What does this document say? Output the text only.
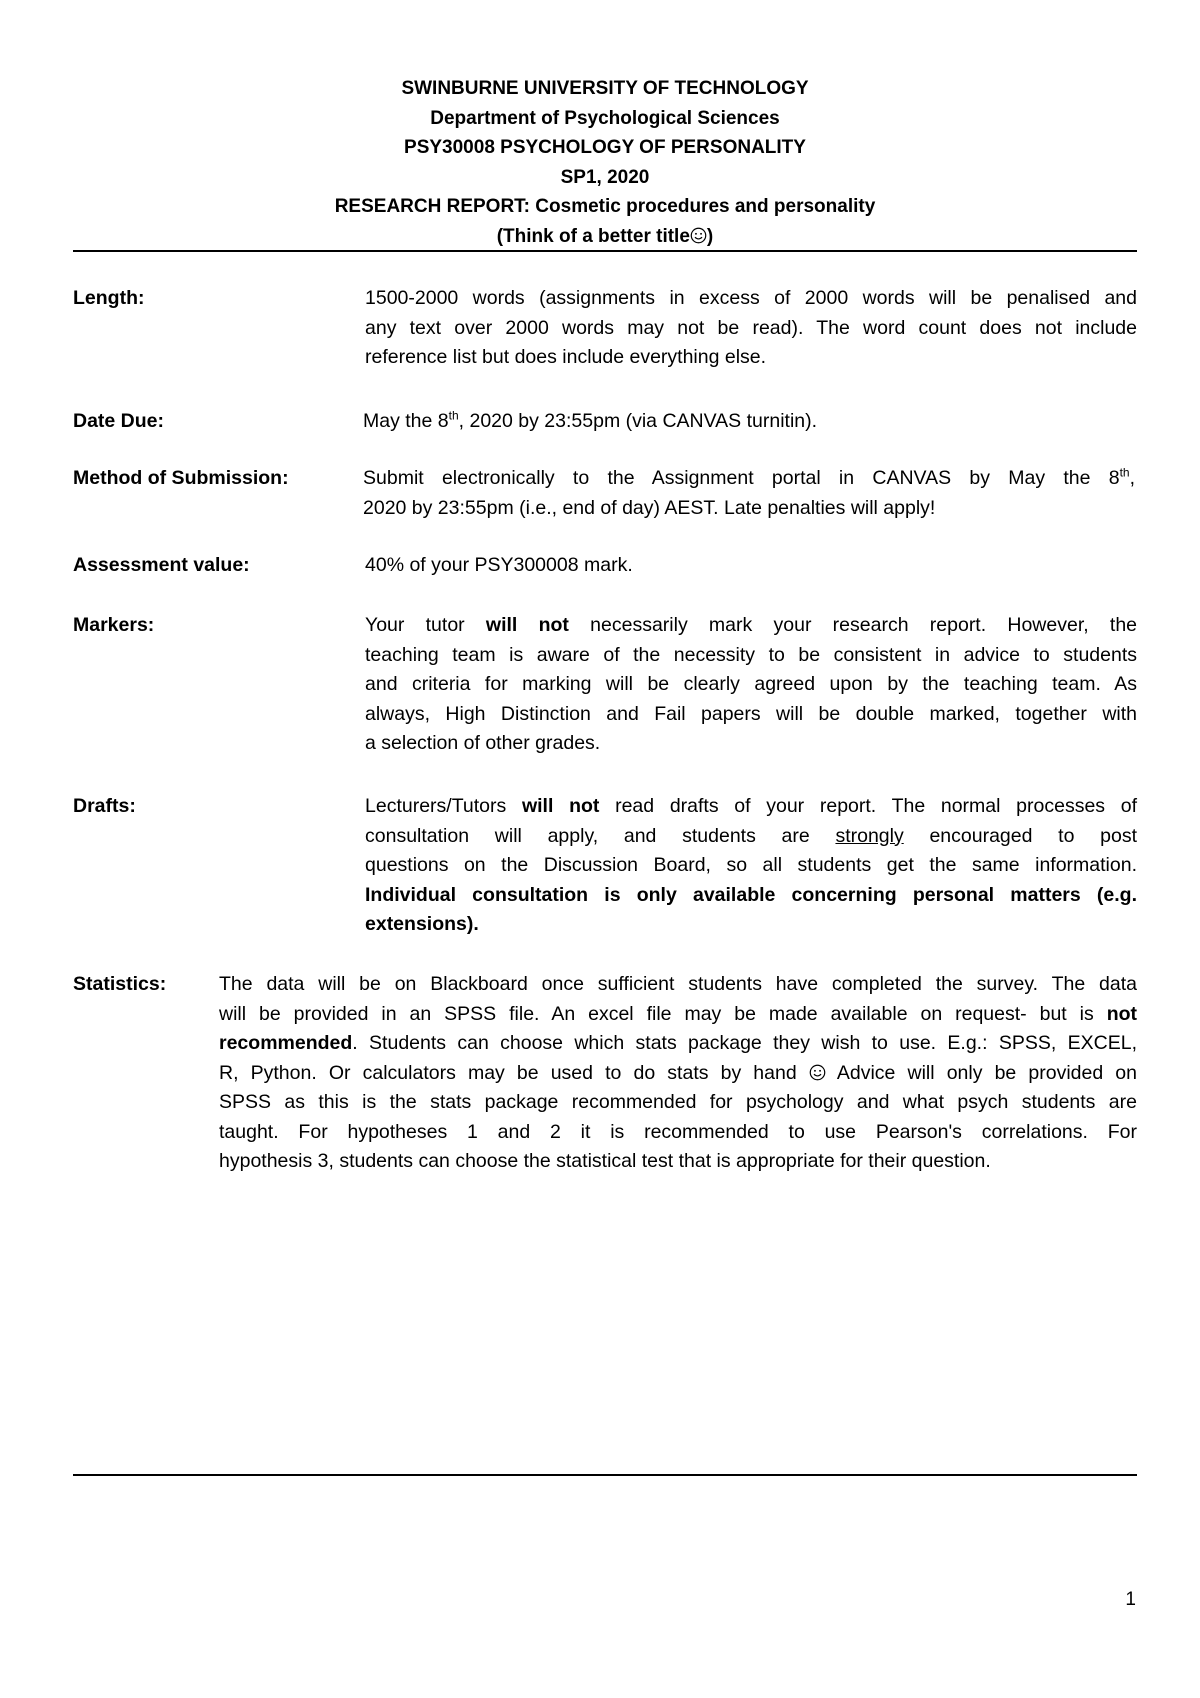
SWINBURNE UNIVERSITY OF TECHNOLOGY
Department of Psychological Sciences
PSY30008 PSYCHOLOGY OF PERSONALITY
SP1, 2020
RESEARCH REPORT: Cosmetic procedures and personality
(Think of a better title )
Length:	1500-2000 words (assignments in excess of 2000 words will be penalised and
any text over 2000 words may not be read). The word count does not include
reference list but does include everything else.
Date Due:	May the 8th, 2020 by 23:55pm (via CANVAS turnitin).
Method of Submission:	Submit electronically to the Assignment portal in CANVAS by May the 8th,
2020 by 23:55pm (i.e., end of day) AEST. Late penalties will apply!
Assessment value:	40% of your PSY300008 mark.
Markers:	Your tutor will not necessarily mark your research report. However, the
teaching team is aware of the necessity to be consistent in advice to students
and criteria for marking will be clearly agreed upon by the teaching team. As
always, High Distinction and Fail papers will be double marked, together with
a selection of other grades.
Drafts:	Lecturers/Tutors will not read drafts of your report. The normal processes of
consultation will apply, and students are strongly encouraged to post
questions on the Discussion Board, so all students get the same information.
Individual consultation is only available concerning personal matters (e.g.
extensions).
Statistics:	The data will be on Blackboard once sufficient students have completed the survey. The data
will be provided in an SPSS file. An excel file may be made available on request- but is not
recommended. Students can choose which stats package they wish to use. E.g.: SPSS, EXCEL,
R, Python. Or calculators may be used to do stats by hand Advice will only be provided on
SPSS as this is the stats package recommended for psychology and what psych students are
taught. For hypotheses 1 and 2 it is recommended to use Pearson's correlations. For
hypothesis 3, students can choose the statistical test that is appropriate for their question.
1
